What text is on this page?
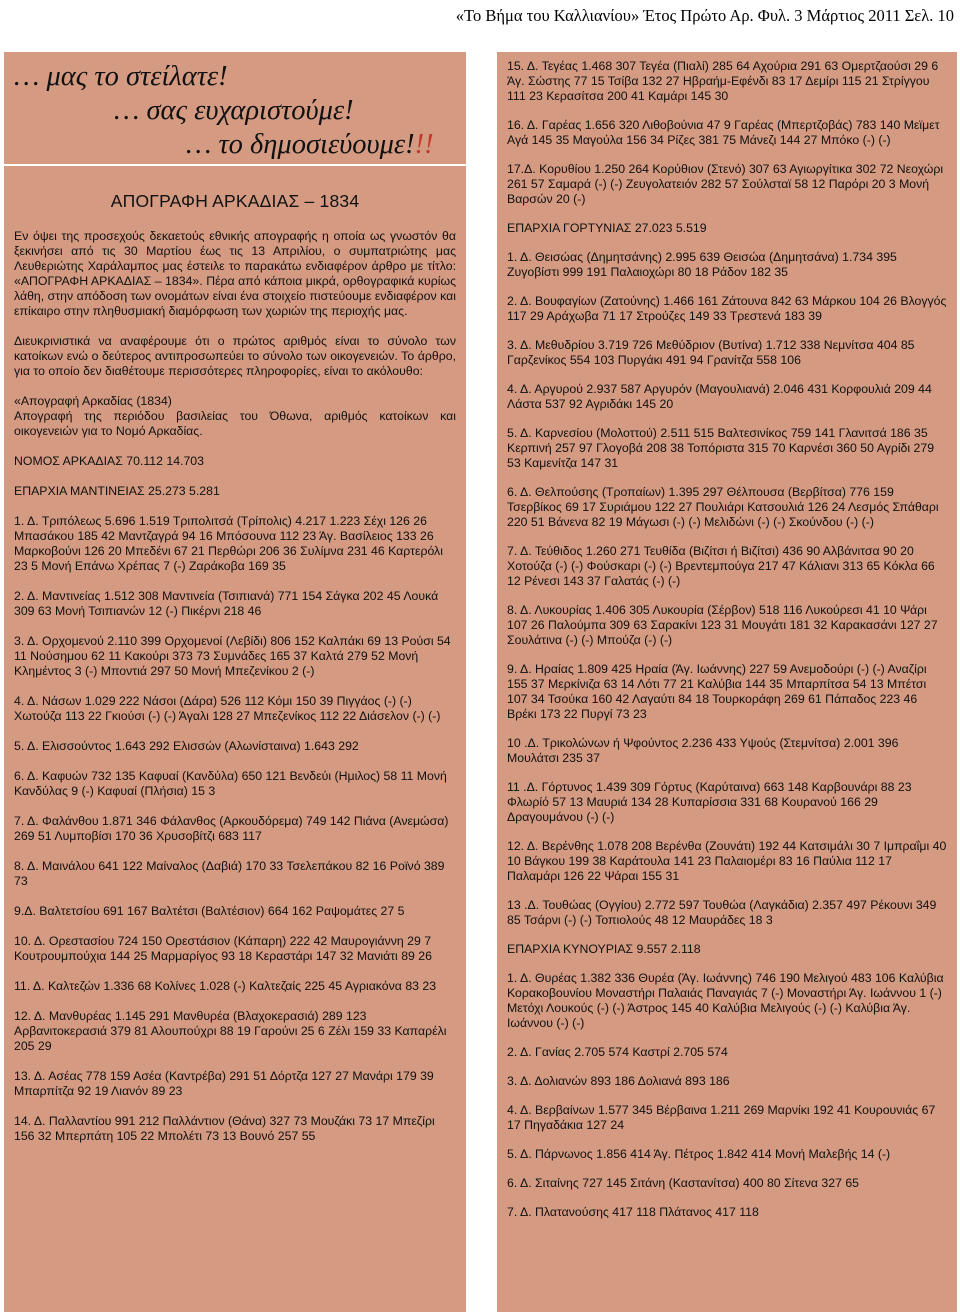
«Το Βήμα του Καλλιανίου» Έτος Πρώτο Αρ. Φυλ. 3 Μάρτιος 2011 Σελ. 10
… μας το στείλατε!
… σας ευχαριστούμε!
… το δημοσιεύουμε!!!
ΑΠΟΓΡΑΦΗ ΑΡΚΑΔΙΑΣ – 1834

Εν όψει της προσεχούς δεκαετούς εθνικής απογραφής η οποία ως γνωστόν θα ξεκινήσει από τις 30 Μαρτίου έως τις 13 Απριλίου, ο συμπατριώτης μας Λευθεριώτης Χαράλαμπος μας έστειλε το παρακάτω ενδιαφέρον άρθρο με τίτλο: «ΑΠΟΓΡΑΦΗ ΑΡΚΑΔΙΑΣ – 1834». Πέρα από κάποια μικρά, ορθογραφικά κυρίως λάθη, στην απόδοση των ονομάτων είναι ένα στοιχείο πιστεύουμε ενδιαφέρον και επίκαιρο στην πληθυσμιακή διαμόρφωση των χωριών της περιοχής μας.

Διευκρινιστικά να αναφέρουμε ότι ο πρώτος αριθμός είναι το σύνολο των κατοίκων ενώ ο δεύτερος αντιπροσωπεύει το σύνολο των οικογενειών. Το άρθρο, για το οποίο δεν διαθέτουμε περισσότερες πληροφορίες, είναι το ακόλουθο:

«Απογραφή Αρκαδίας (1834)
Απογραφή της περιόδου βασιλείας του Όθωνα, αριθμός κατοίκων και οικογενειών για το Νομό Αρκαδίας.

ΝΟΜΟΣ ΑΡΚΑΔΙΑΣ 70.112 14.703

ΕΠΑΡΧΙΑ ΜΑΝΤΙΝΕΙΑΣ 25.273 5.281

1. Δ. Τριπόλεως 5.696 1.519 Τριπολιτσά (Τρίπολις) 4.217 1.223 Σέχι 126 26 Μπασάκου 185 42 Μαντζαγρά 94 16 Μπόσουνα 112 23 Άγ. Βασίλειος 133 26 Μαρκοβούνι 126 20 Μπεδένι 67 21 Περθώρι 206 36 Συλίμνα 231 46 Καρτερόλι 23 5 Μονή Επάνω Χρέπας 7 (-) Ζαράκοβα 169 35

2. Δ. Μαντινείας 1.512 308 Μαντινεία (Τσιπιανά) 771 154 Σάγκα 202 45 Λουκά 309 63 Μονή Τσιπιανών 12 (-) Πικέρνι 218 46

3. Δ. Ορχομενού 2.110 399 Ορχομενοί (Λεβίδι) 806 152 Καλπάκι 69 13 Ρούσι 54 11 Νούσημου 62 11 Κακούρι 373 73 Συμνάδες 165 37 Καλτά 279 52 Μονή Κλημέντος 3 (-) Μποντιά 297 50 Μονή Μπεζενίκου 2 (-)

4. Δ. Νάσων 1.029 222 Νάσοι (Δάρα) 526 112 Κόμι 150 39 Πιγγάος (-) (-) Χωτούζα 113 22 Γκιούσι (-) (-) Άγαλι 128 27 Μπεζενίκος 112 22 Διάσελον (-) (-)

5. Δ. Ελισσούντος 1.643 292 Ελισσών (Αλωνίσταινα) 1.643 292

6. Δ. Καφυών 732 135 Καφυαί (Κανδύλα) 650 121 Βενδεύι (Ημιλος) 58 11 Μονή Κανδύλας 9 (-) Καφυαί (Πλήσια) 15 3

7. Δ. Φαλάνθου 1.871 346 Φάλανθος (Αρκουδόρεμα) 749 142 Πιάνα (Ανεμώσα) 269 51 Λυμποβίσι 170 36 Χρυσοβίτζι 683 117

8. Δ. Μαινάλου 641 122 Μαίναλος (Δαβιά) 170 33 Τσελεπάκου 82 16 Ροϊνό 389 73

9.Δ. Βαλτετσίου 691 167 Βαλτέτσι (Βαλτέσιον) 664 162 Ραψομάτες 27 5

10. Δ. Ορεστασίου 724 150 Ορεστάσιον (Κάπαρη) 222 42 Μαυρογιάννη 29 7 Κουτρουμπούχια 144 25 Μαρμαρίγος 93 18 Κεραστάρι 147 32 Μανιάτι 89 26

11. Δ. Καλτεζών 1.336 68 Κολίνες 1.028 (-) Καλτεζαίς 225 45 Αγριακόνα 83 23

12. Δ. Μανθυρέας 1.145 291 Μανθυρέα (Βλαχοκερασιά) 289 123 Αρβανιτοκερασιά 379 81 Αλουπούχρι 88 19 Γαρούνι 25 6 Ζέλι 159 33 Καπαρέλι 205 29

13. Δ. Ασέας 778 159 Ασέα (Καντρέβα) 291 51 Δόρτζα 127 27 Μανάρι 179 39 Μπαρπίτζα 92 19 Λιανόν 89 23

14. Δ. Παλλαντίου 991 212 Παλλάντιον (Θάνα) 327 73 Μουζάκι 73 17 Μπεζίρι 156 32 Μπερπάτη 105 22 Μπολέτι 73 13 Βουνό 257 55

15. Δ. Τεγέας 1.468 307 Τεγέα (Πιαλί) 285 64 Αχούρια 291 63 Ομερτζαούσι 29 6 Άγ. Σώστης 77 15 Τσίβα 132 27 Ηβραήμ-Εφένδι 83 17 Δεμίρι 115 21 Στρίγγου 111 23 Κερασίτσα 200 41 Καμάρι 145 30

16. Δ. Γαρέας 1.656 320 Λιθοβούνια 47 9 Γαρέας (Μπερτζοβάς) 783 140 Μεϊμετ Αγά 145 35 Μαγούλα 156 34 Ρίζες 381 75 Μάνεζι 144 27 Μπόκο (-) (-)

17.Δ. Κορυθίου 1.250 264 Κορύθιον (Στενό) 307 63 Αγιωργίτικα 302 72 Νεοχώρι 261 57 Σαμαρά (-) (-) Ζευγολατειόν 282 57 Σούλσταϊ 58 12 Παρόρι 20 3 Μονή Βαρσών 20 (-)

ΕΠΑΡΧΙΑ ΓΟΡΤΥΝΙΑΣ 27.023 5.519

1. Δ. Θεισώας (Δημητσάνης) 2.995 639 Θεισώα (Δημητσάνα) 1.734 395 Ζυγοβίστι 999 191 Παλαιοχώρι 80 18 Ράδον 182 35

2. Δ. Βουφαγίων (Ζατούνης) 1.466 161 Ζάτουνα 842 63 Μάρκου 104 26 Βλογγός 117 29 Αράχωβα 71 17 Στρούζες 149 33 Τρεστενά 183 39

3. Δ. Μεθυδρίου 3.719 726 Μεθύδριον (Βυτίνα) 1.712 338 Νεμνίτσα 404 85 Γαρζενίκος 554 103 Πυργάκι 491 94 Γρανίτζα 558 106

4. Δ. Αργυρού 2.937 587 Αργυρόν (Μαγουλιανά) 2.046 431 Κορφουλιά 209 44 Λάστα 537 92 Αγριδάκι 145 20

5. Δ. Καρνεσίου (Μολοττού) 2.511 515 Βαλτεσινίκος 759 141 Γλανιτσά 186 35 Κερπινή 257 97 Γλογοβά 208 38 Τοπόριστα 315 70 Καρνέσι 360 50 Αγρίδι 279 53 Καμενίτζα 147 31

6. Δ. Θελπούσης (Τροπαίων) 1.395 297 Θέλπουσα (Βερβίτσα) 776 159 Τσερβίκος 69 17 Συριάμου 122 27 Πουλιάρι Κατσουλιά 126 24 Λεσμός Σπάθαρι 220 51 Βάνενα 82 19 Μάγωσι (-) (-) Μελιδώνι (-) (-) Σκούνδου (-) (-)

7. Δ. Τεύθιδος 1.260 271 Τευθίδα (Βιζίτσι ή Βιζίτσι) 436 90 Αλβάνιτσα 90 20 Χοτούζα (-) (-) Φούσκαρι (-) (-) Βρεντεμπούγα 217 47 Κάλιανι 313 65 Κόκλα 66 12 Ρένεσι 143 37 Γαλατάς (-) (-)

8. Δ. Λυκουρίας 1.406 305 Λυκουρία (Σέρβον) 518 116 Λυκούρεσι 41 10 Ψάρι 107 26 Παλούμπα 309 63 Σαρακίνι 123 31 Μουγάτι 181 32 Καρακασάνι 127 27 Σουλάτινα (-) (-) Μπούζα (-) (-)

9. Δ. Ηραίας 1.809 425 Ηραία (Άγ. Ιωάννης) 227 59 Ανεμοδούρι (-) (-) Αναζίρι 155 37 Μερκίνιζα 63 14 Λότι 77 21 Καλύβια 144 35 Μπαρπίτσα 54 13 Μπέτσι 107 34 Τσούκα 160 42 Λαγαύτι 84 18 Τουρκοράφη 269 61 Πάπαδος 223 46 Βρέκι 173 22 Πυργί 73 23

10 .Δ. Τρικολώνων ή Ψφούντος 2.236 433 Υψούς (Στεμνίτσα) 2.001 396 Μουλάτσι 235 37

11 .Δ. Γόρτυνος 1.439 309 Γόρτυς (Καρύταινα) 663 148 Καρβουνάρι 88 23 Φλωρίό 57 13 Μαυριά 134 28 Κυπαρίσσια 331 68 Κουρανού 166 29 Δραγουμάνου (-) (-)

12. Δ. Βερένθης 1.078 208 Βερένθα (Ζουνάτι) 192 44 Κατσιμάλι 30 7 Ιμπραΐμι 40 10 Βάγκου 199 38 Καράτουλα 141 23 Παλαιομέρι 83 16 Παύλια 112 17 Παλαμάρι 126 22 Ψάραι 155 31

13 .Δ. Τουθώας (Ογγίου) 2.772 597 Τουθώα (Λαγκάδια) 2.357 497 Ρέκουνι 349 85 Τσάρνι (-) (-) Τοπιολούς 48 12 Μαυράδες 18 3

ΕΠΑΡΧΙΑ ΚΥΝΟΥΡΙΑΣ 9.557 2.118

1. Δ. Θυρέας 1.382 336 Θυρέα (Άγ. Ιωάννης) 746 190 Μελιγού 483 106 Καλύβια Κορακοβουνίου Μοναστήρι Παλαιάς Παναγιάς 7 (-) Μοναστήρι Άγ. Ιωάννου 1 (-) Μετόχι Λουκούς (-) (-) Άστρος 145 40 Καλύβια Μελιγούς (-) (-) Καλύβια Άγ. Ιωάννου (-) (-)

2. Δ. Γανίας 2.705 574 Καστρί 2.705 574

3. Δ. Δολιανών 893 186 Δολιανά 893 186

4. Δ. Βερβαίνων 1.577 345 Βέρβαινα 1.211 269 Μαρνίκι 192 41 Κουρουνιάς 67 17 Πηγαδάκια 127 24

5. Δ. Πάρνωνος 1.856 414 Άγ. Πέτρος 1.842 414 Μονή Μαλεβής 14 (-)

6. Δ. Σιταίνης 727 145 Σιτάνη (Καστανίτσα) 400 80 Σίτενα 327 65

7. Δ. Πλατανούσης 417 118 Πλάτανος 417 118
